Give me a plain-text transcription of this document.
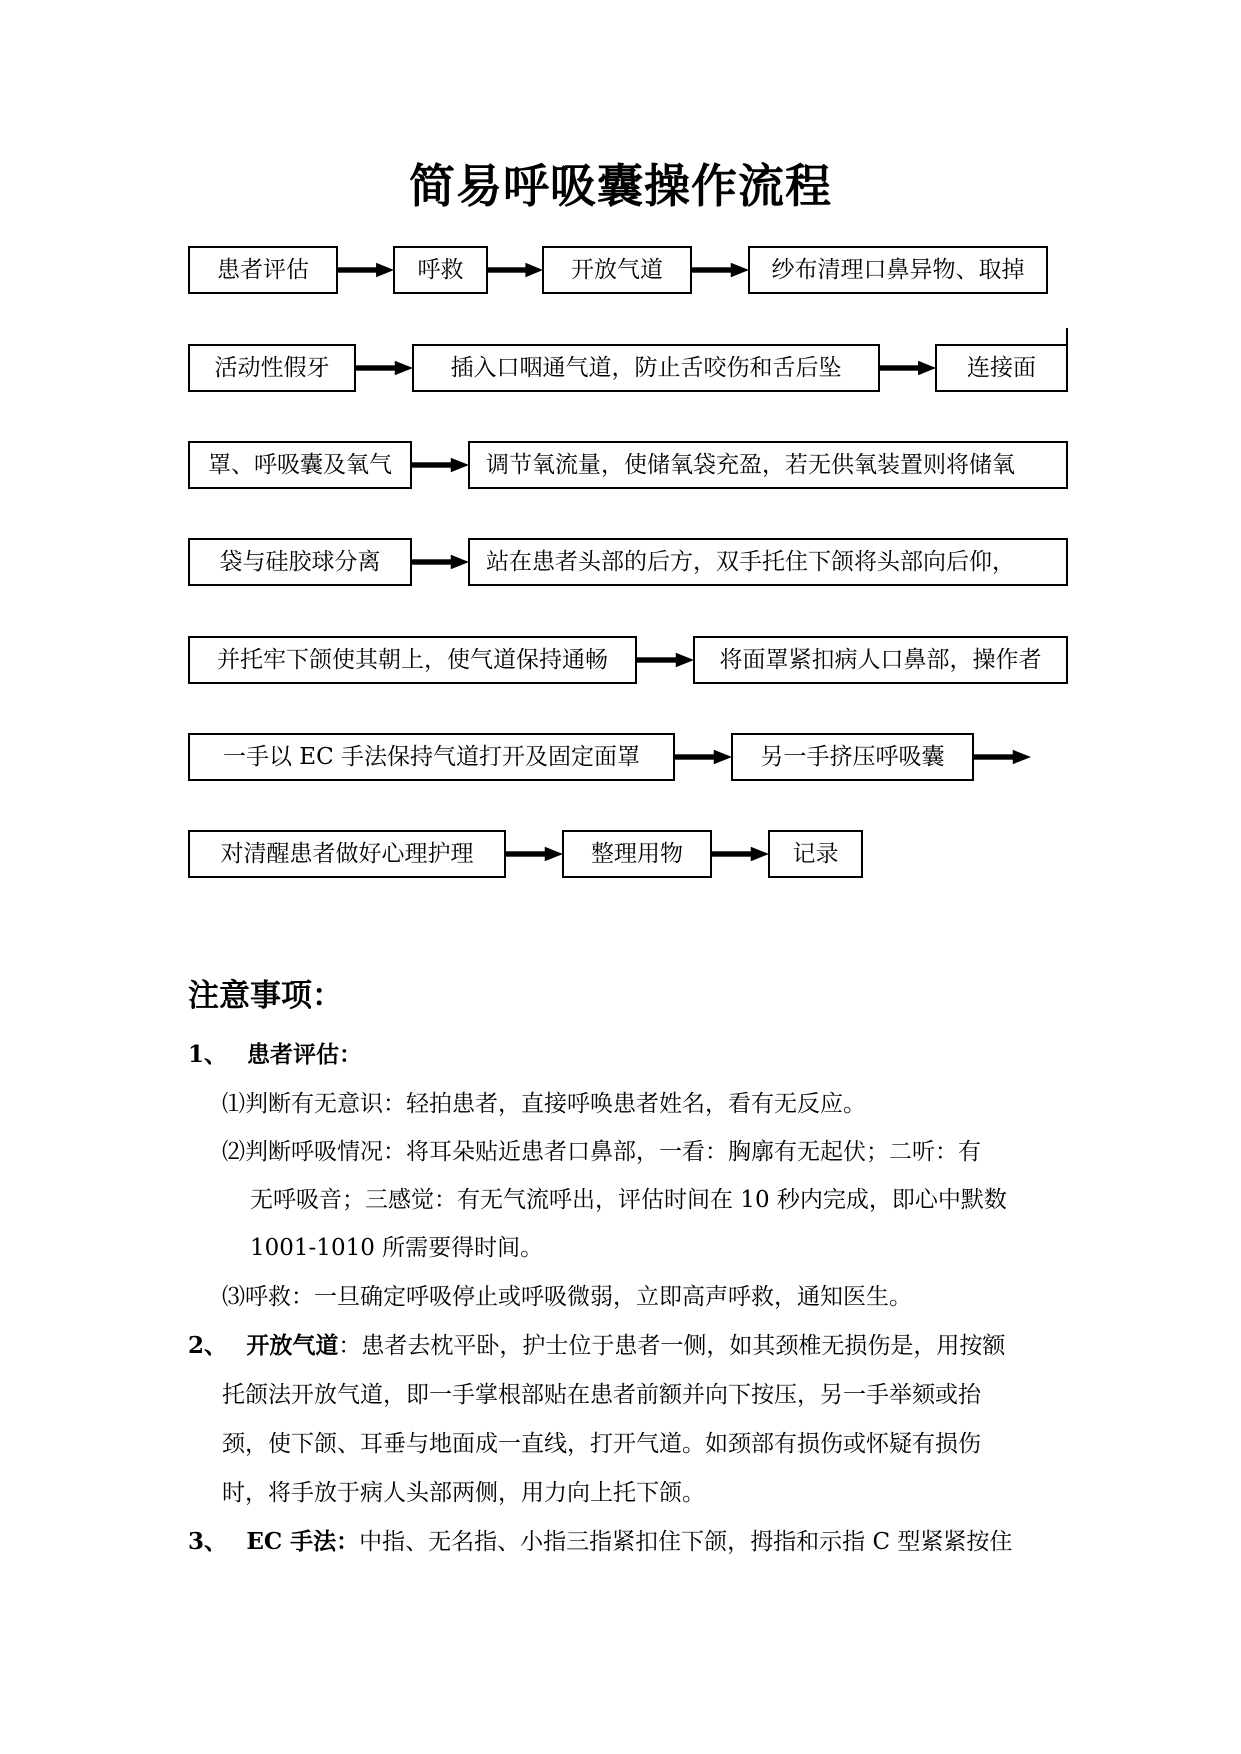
简易呼吸囊操作流程
患者评估	呼救	开放气道	纱布清理口鼻异物、取掉
活动性假牙	插入口咽通气道，防止舌咬伤和舌后坠	连接面
罩、呼吸囊及氧气	调节氧流量，使储氧袋充盈，若无供氧装置则将储氧
袋与硅胶球分离	站在患者头部的后方，双手托住下颌将头部向后仰，
并托牢下颌使其朝上，使气道保持通畅	将面罩紧扣病人口鼻部，操作者
一手以 EC 手法保持气道打开及固定面罩	另一手挤压呼吸囊
对清醒患者做好心理护理	整理用物	记录
注意事项：
1、 患者评估：
⑴判断有无意识：轻拍患者，直接呼唤患者姓名，看有无反应。
⑵判断呼吸情况：将耳朵贴近患者口鼻部，一看：胸廓有无起伏；二听：有
无呼吸音；三感觉：有无气流呼出，评估时间在 10 秒内完成，即心中默数
1001-1010 所需要得时间。
⑶呼救：一旦确定呼吸停止或呼吸微弱，立即高声呼救，通知医生。
2、 开放气道：患者去枕平卧，护士位于患者一侧，如其颈椎无损伤是，用按额
托颌法开放气道，即一手掌根部贴在患者前额并向下按压，另一手举颏或抬
颈，使下颌、耳垂与地面成一直线，打开气道。如颈部有损伤或怀疑有损伤
时，将手放于病人头部两侧，用力向上托下颌。
3、 EC 手法：中指、无名指、小指三指紧扣住下颌，拇指和示指 C 型紧紧按住
